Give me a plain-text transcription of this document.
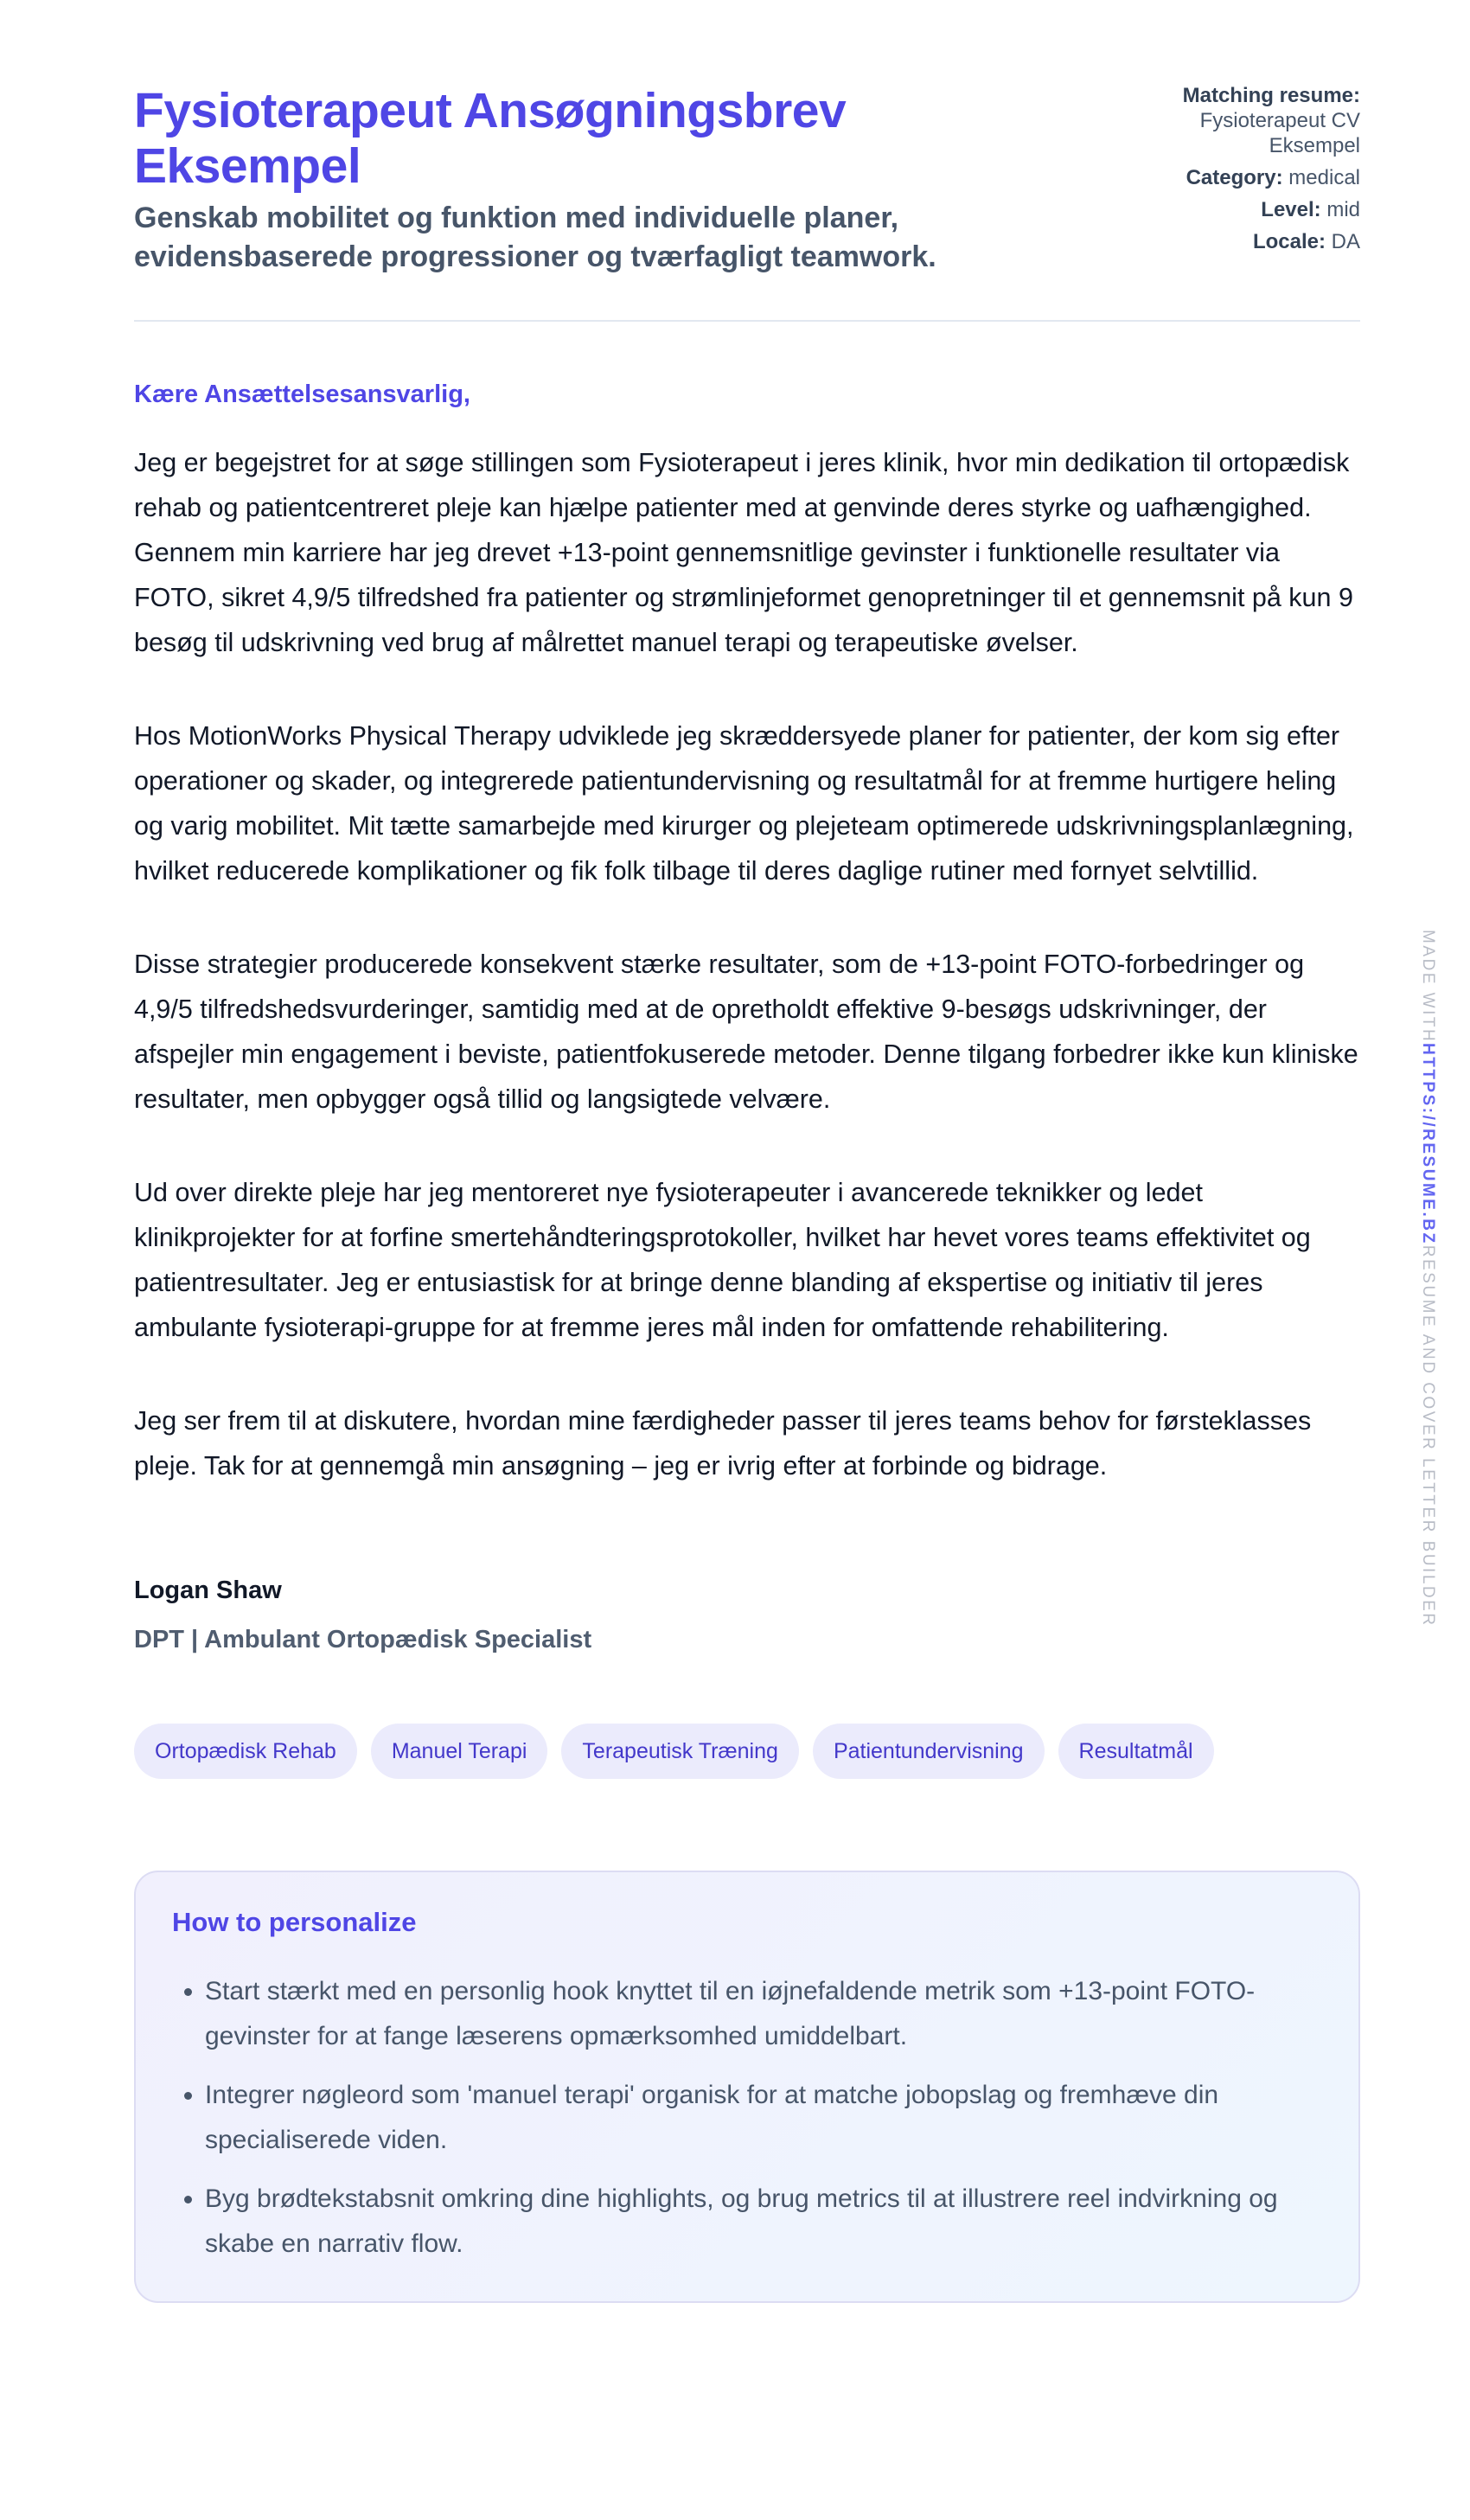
Fysioterapeut Ansøgningsbrev Eksempel

Genskab mobilitet og funktion med individuelle planer, evidensbaserede progressioner og tværfagligt teamwork.

Matching resume:
Fysioterapeut CV Eksempel
Category: medical
Level: mid
Locale: DA
Kære Ansættelsesansvarlig,

Jeg er begejstret for at søge stillingen som Fysioterapeut i jeres klinik, hvor min dedikation til ortopædisk rehab og patientcentreret pleje kan hjælpe patienter med at genvinde deres styrke og uafhængighed. Gennem min karriere har jeg drevet +13-point gennemsnitlige gevinster i funktionelle resultater via FOTO, sikret 4,9/5 tilfredshed fra patienter og strømlinjeformet genopretninger til et gennemsnit på kun 9 besøg til udskrivning ved brug af målrettet manuel terapi og terapeutiske øvelser.

Hos MotionWorks Physical Therapy udviklede jeg skræddersyede planer for patienter, der kom sig efter operationer og skader, og integrerede patientundervisning og resultatmål for at fremme hurtigere heling og varig mobilitet. Mit tætte samarbejde med kirurger og plejeteam optimerede udskrivningsplanlægning, hvilket reducerede komplikationer og fik folk tilbage til deres daglige rutiner med fornyet selvtillid.

Disse strategier producerede konsekvent stærke resultater, som de +13-point FOTO-forbedringer og 4,9/5 tilfredshedsvurderinger, samtidig med at de opretholdt effektive 9-besøgs udskrivninger, der afspejler min engagement i beviste, patientfokuserede metoder. Denne tilgang forbedrer ikke kun kliniske resultater, men opbygger også tillid og langsigtede velvære.

Ud over direkte pleje har jeg mentoreret nye fysioterapeuter i avancerede teknikker og ledet klinikprojekter for at forfine smertehåndteringsprotokoller, hvilket har hevet vores teams effektivitet og patientresultater. Jeg er entusiastisk for at bringe denne blanding af ekspertise og initiativ til jeres ambulante fysioterapi-gruppe for at fremme jeres mål inden for omfattende rehabilitering.

Jeg ser frem til at diskutere, hvordan mine færdigheder passer til jeres teams behov for førsteklasses pleje. Tak for at gennemgå min ansøgning – jeg er ivrig efter at forbinde og bidrage.

Logan Shaw
DPT | Ambulant Ortopædisk Specialist
Ortopædisk Rehab	Manuel Terapi	Terapeutisk Træning	Patientundervisning	Resultatmål
How to personalize
• Start stærkt med en personlig hook knyttet til en iøjnefaldende metrik som +13-point FOTO-gevinster for at fange læserens opmærksomhed umiddelbart.
• Integrer nøgleord som 'manuel terapi' organisk for at matche jobopslag og fremhæve din specialiserede viden.
• Byg brødtekstabsnit omkring dine highlights, og brug metrics til at illustrere reel indvirkning og skabe en narrativ flow.
MADE WITHHTTPS://RESUME.BZRESUME AND COVER LETTER BUILDER
